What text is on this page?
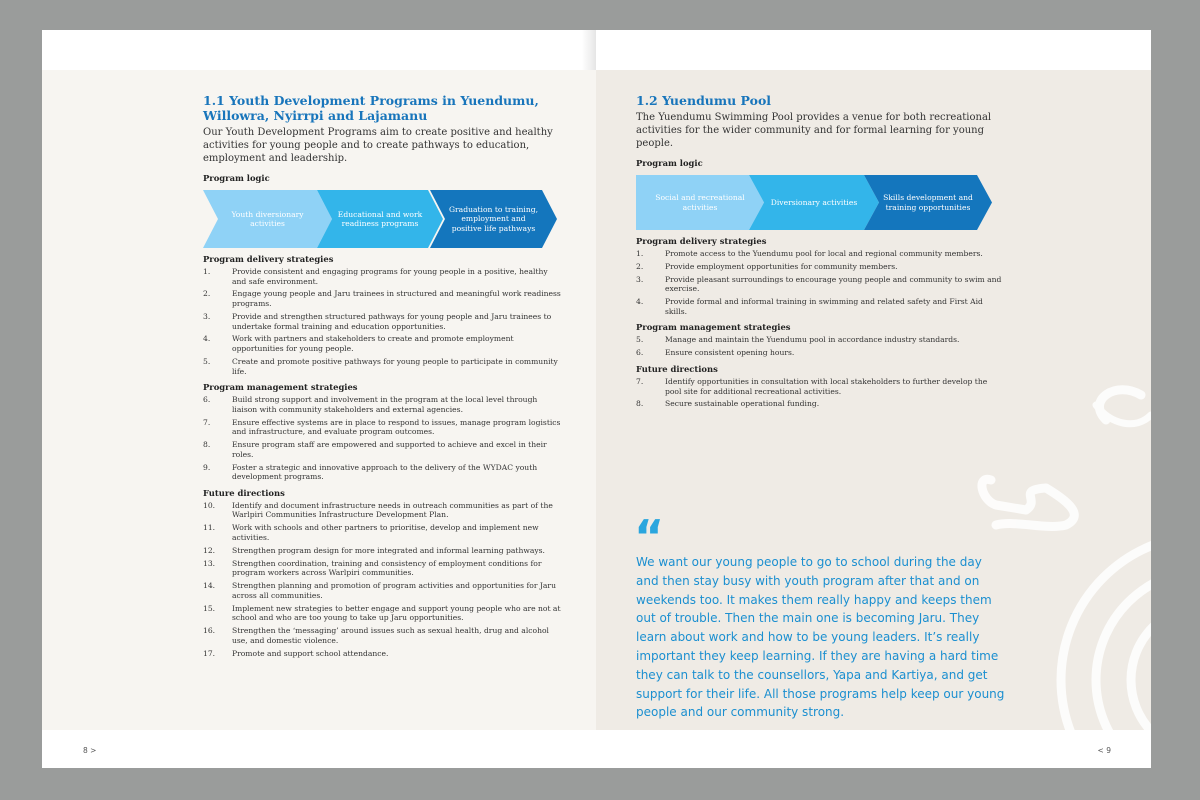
1.1 Youth Development Programs in Yuendumu, Willowra, Nyirrpi and Lajamanu

Our Youth Development Programs aim to create positive and healthy activities for young people and to create pathways to education, employment and leadership.

Program logic
Youth diversionary activities
Educational and work readiness programs
Graduation to training, employment and positive life pathways
Program delivery strategies
1.	Provide consistent and engaging programs for young people in a positive, healthy and safe environment.
2.	Engage young people and Jaru trainees in structured and meaningful work readiness programs.
3.	Provide and strengthen structured pathways for young people and Jaru trainees to undertake formal training and education opportunities.
4.	Work with partners and stakeholders to create and promote employment opportunities for young people.
5.	Create and promote positive pathways for young people to participate in community life.
Program management strategies
6.	Build strong support and involvement in the program at the local level through liaison with community stakeholders and external agencies.
7.	Ensure effective systems are in place to respond to issues, manage program logistics and infrastructure, and evaluate program outcomes.
8.	Ensure program staff are empowered and supported to achieve and excel in their roles.
9.	Foster a strategic and innovative approach to the delivery of the WYDAC youth development programs.
Future directions
10.	Identify and document infrastructure needs in outreach communities as part of the Warlpiri Communities Infrastructure Development Plan.
11.	Work with schools and other partners to prioritise, develop and implement new activities.
12.	Strengthen program design for more integrated and informal learning pathways.
13.	Strengthen coordination, training and consistency of employment conditions for program workers across Warlpiri communities.
14.	Strengthen planning and promotion of program activities and opportunities for Jaru across all communities.
15.	Implement new strategies to better engage and support young people who are not at school and who are too young to take up Jaru opportunities.
16.	Strengthen the ‘messaging’ around issues such as sexual health, drug and alcohol use, and domestic violence.
17.	Promote and support school attendance.
8 >
1.2 Yuendumu Pool

The Yuendumu Swimming Pool provides a venue for both recreational activities for the wider community and for formal learning for young people.

Program logic
Social and recreational activities
Diversionary activities
Skills development and training opportunities
Program delivery strategies
1.	Promote access to the Yuendumu pool for local and regional community members.
2.	Provide employment opportunities for community members.
3.	Provide pleasant surroundings to encourage young people and community to swim and exercise.
4.	Provide formal and informal training in swimming and related safety and First Aid skills.
Program management strategies
5.	Manage and maintain the Yuendumu pool in accordance industry standards.
6.	Ensure consistent opening hours.
Future directions
7.	Identify opportunities in consultation with local stakeholders to further develop the pool site for additional recreational activities.
8.	Secure sustainable operational funding.
“

We want our young people to go to school during the day and then stay busy with youth program after that and on weekends too. It makes them really happy and keeps them out of trouble. Then the main one is becoming Jaru. They learn about work and how to be young leaders. It’s really important they keep learning. If they are having a hard time they can talk to the counsellors, Yapa and Kartiya, and get support for their life. All those programs help keep our young people and our community strong.

< 9
